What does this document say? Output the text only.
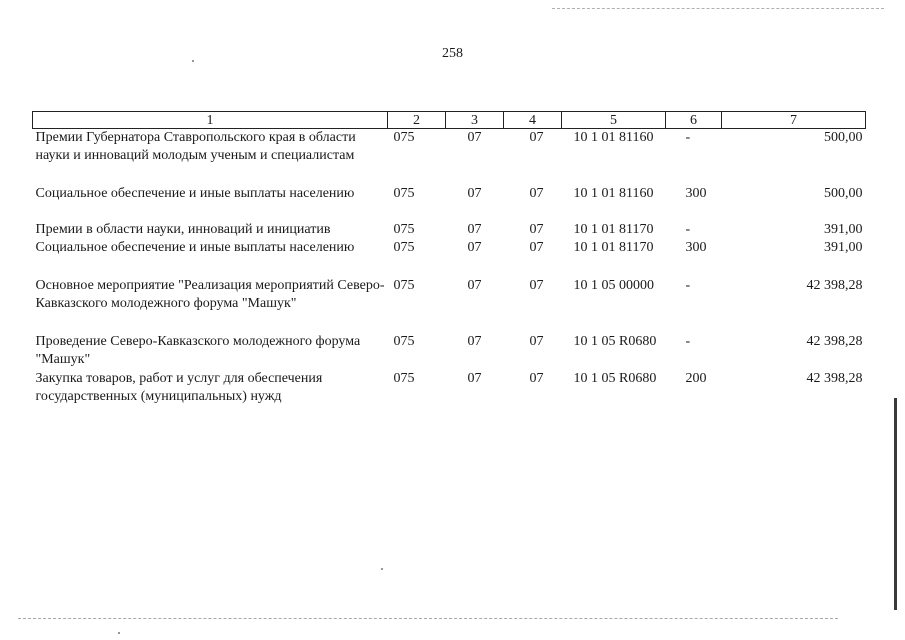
258
1	2	3	4	5	6	7
Премии Губернатора Ставропольского края в области науки и инноваций молодым ученым и специалистам	075	07	07	10 1 01 81160	-	500,00
Социальное обеспечение и иные выплаты населению	075	07	07	10 1 01 81160	300	500,00
Премии в области науки, инноваций и инициатив	075	07	07	10 1 01 81170	-	391,00
Социальное обеспечение и иные выплаты населению	075	07	07	10 1 01 81170	300	391,00
Основное мероприятие "Реализация мероприятий Северо-Кавказского молодежного форума "Машук"	075	07	07	10 1 05 00000	-	42 398,28
Проведение Северо-Кавказского молодежного форума "Машук"	075	07	07	10 1 05 R0680	-	42 398,28
Закупка товаров, работ и услуг для обеспечения государственных (муниципальных) нужд	075	07	07	10 1 05 R0680	200	42 398,28
